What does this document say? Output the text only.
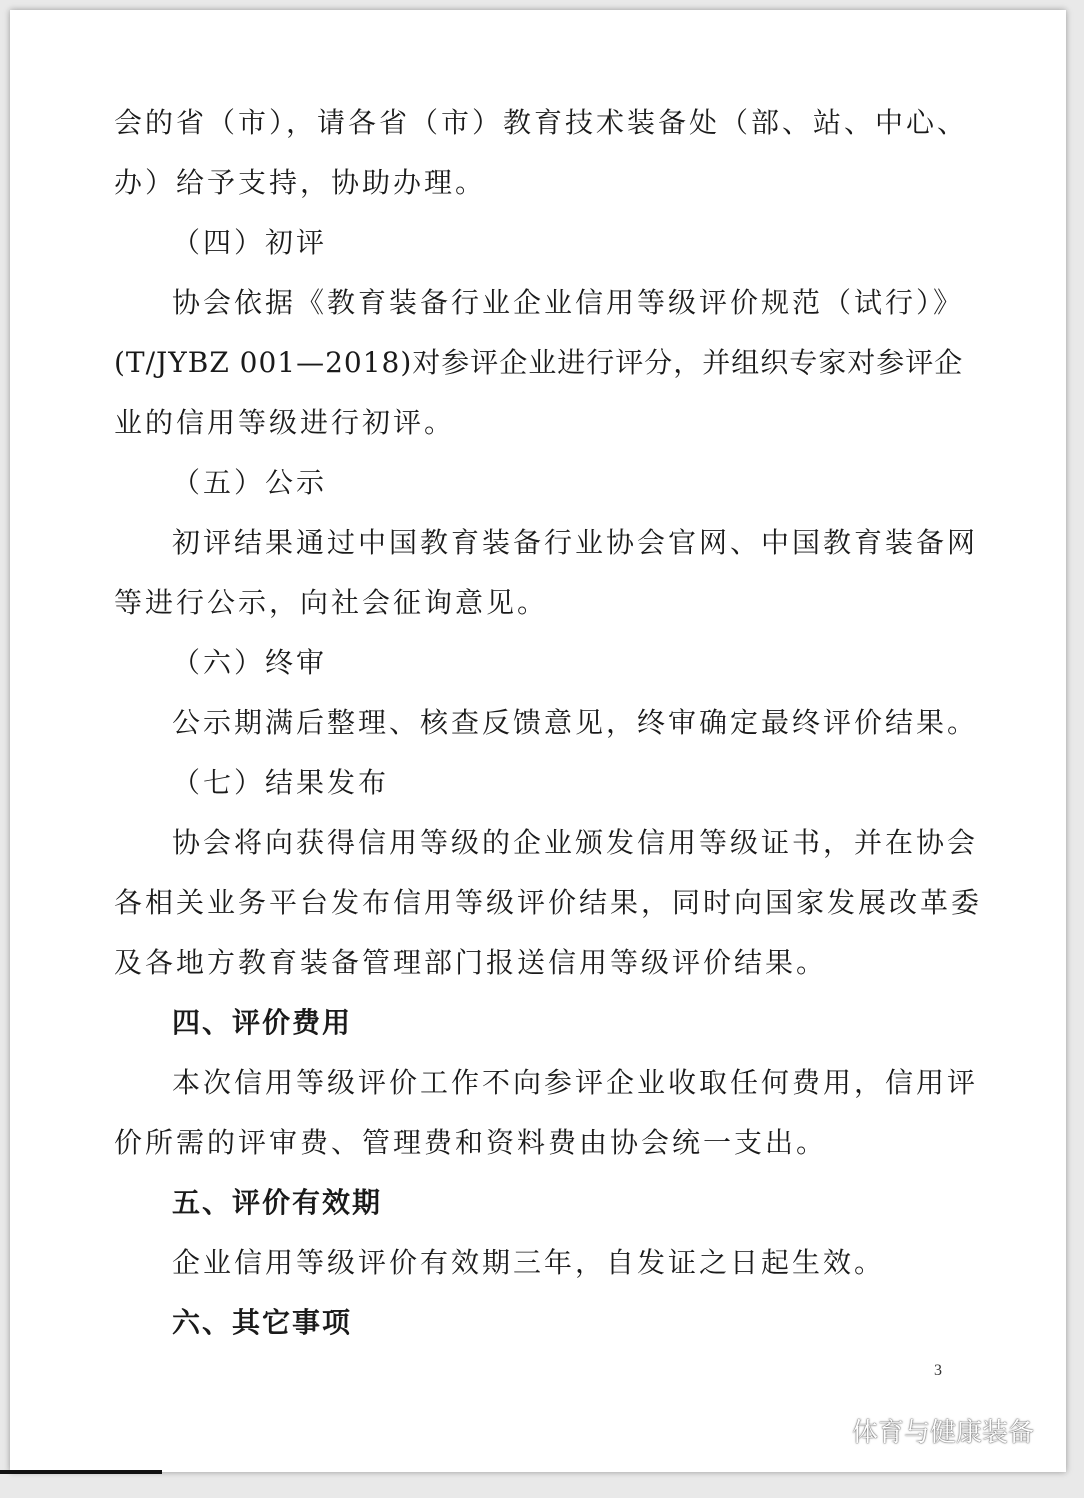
会的省（市），请各省（市）教育技术装备处（部、站、中心、
办）给予支持，协助办理。
（四）初评
协会依据《教育装备行业企业信用等级评价规范（试行）》
(T/JYBZ 001—2018)对参评企业进行评分，并组织专家对参评企
业的信用等级进行初评。
（五）公示
初评结果通过中国教育装备行业协会官网、中国教育装备网
等进行公示，向社会征询意见。
（六）终审
公示期满后整理、核查反馈意见，终审确定最终评价结果。
（七）结果发布
协会将向获得信用等级的企业颁发信用等级证书，并在协会
各相关业务平台发布信用等级评价结果，同时向国家发展改革委
及各地方教育装备管理部门报送信用等级评价结果。
四、评价费用
本次信用等级评价工作不向参评企业收取任何费用，信用评
价所需的评审费、管理费和资料费由协会统一支出。
五、评价有效期
企业信用等级评价有效期三年，自发证之日起生效。
六、其它事项
3
体育与健康装备
